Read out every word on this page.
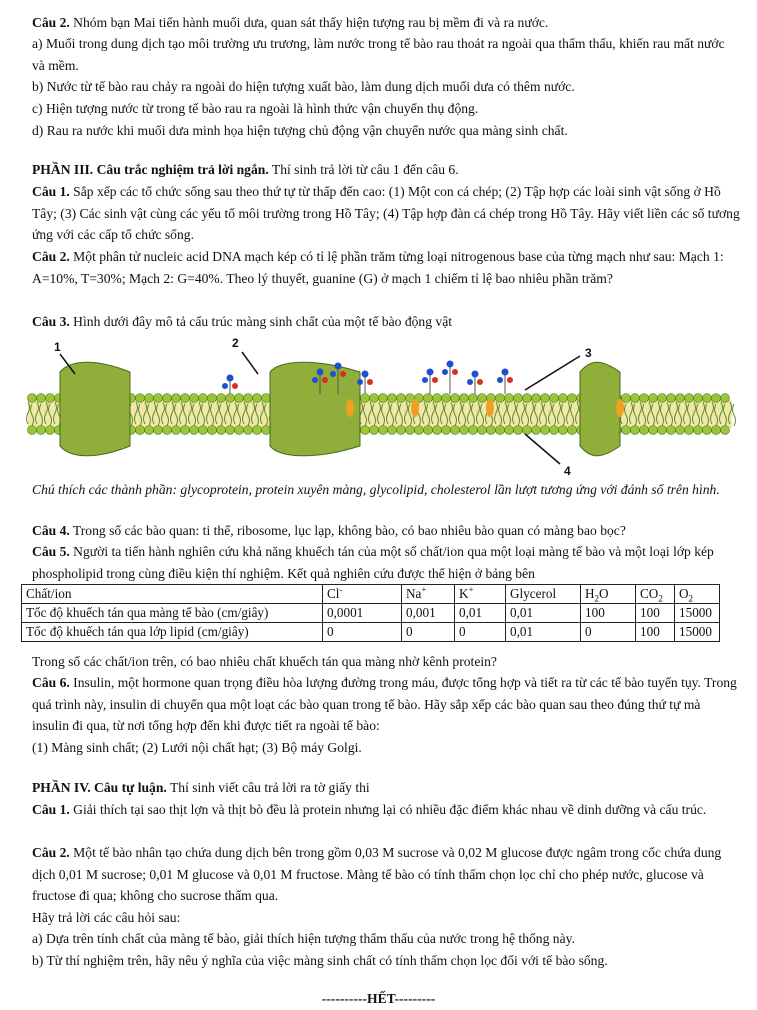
Câu 2. Nhóm bạn Mai tiến hành muối dưa, quan sát thấy hiện tượng rau bị mềm đi và ra nước.

a) Muối trong dung dịch tạo môi trường ưu trương, làm nước trong tế bào rau thoát ra ngoài qua thẩm thấu, khiến rau mất nước và mềm.

b) Nước từ tế bào rau chảy ra ngoài do hiện tượng xuất bào, làm dung dịch muối dưa có thêm nước.

c) Hiện tượng nước từ trong tế bào rau ra ngoài là hình thức vận chuyển thụ động.

d) Rau ra nước khi muối dưa minh họa hiện tượng chủ động vận chuyển nước qua màng sinh chất.

PHẦN III. Câu trắc nghiệm trả lời ngắn. Thí sinh trả lời từ câu 1 đến câu 6.

Câu 1. Sắp xếp các tổ chức sống sau theo thứ tự từ thấp đến cao: (1) Một con cá chép; (2) Tập hợp các loài sinh vật sống ở Hồ Tây; (3) Các sinh vật cùng các yếu tố môi trường trong Hồ Tây; (4) Tập hợp đàn cá chép trong Hồ Tây. Hãy viết liền các số tương ứng với các cấp tổ chức sống.

Câu 2. Một phân tử nucleic acid DNA mạch kép có tỉ lệ phần trăm từng loại nitrogenous base của từng mạch như sau: Mạch 1: A=10%, T=30%; Mạch 2: G=40%. Theo lý thuyết, guanine (G) ở mạch 1 chiếm tỉ lệ bao nhiêu phần trăm?

Câu 3. Hình dưới đây mô tả cấu trúc màng sinh chất của một tế bào động vật

1	2
3
4

Chú thích các thành phần: glycoprotein, protein xuyên màng, glycolipid, cholesterol lần lượt tương ứng với đánh số trên hình.

Câu 4. Trong số các bào quan: ti thể, ribosome, lục lạp, không bào, có bao nhiêu bào quan có màng bao bọc?

Câu 5. Người ta tiến hành nghiên cứu khả năng khuếch tán của một số chất/ion qua một loại màng tế bào và một loại lớp kép phospholipid trong cùng điều kiện thí nghiệm. Kết quả nghiên cứu được thể hiện ở bảng bên

Chất/ion	Cl-	Na+	K+	Glycerol	$H_2O$	$CO_2$	$O_2$
Tốc độ khuếch tán qua màng tế bào (cm/giây)	0,0001	0,001	0,01	0,01	100	100	15000
Tốc độ khuếch tán qua lớp lipid (cm/giây)	0	0	0	0,01	0	100	15000

Trong số các chất/ion trên, có bao nhiêu chất khuếch tán qua màng nhờ kênh protein?

Câu 6. Insulin, một hormone quan trọng điều hòa lượng đường trong máu, được tổng hợp và tiết ra từ các tế bào tuyến tụy. Trong quá trình này, insulin di chuyển qua một loạt các bào quan trong tế bào. Hãy sắp xếp các bào quan sau theo đúng thứ tự mà insulin đi qua, từ nơi tổng hợp đến khi được tiết ra ngoài tế bào:

(1) Màng sinh chất; (2) Lưới nội chất hạt; (3) Bộ máy Golgi.

PHẦN IV. Câu tự luận. Thí sinh viết câu trả lời ra tờ giấy thi

Câu 1. Giải thích tại sao thịt lợn và thịt bò đều là protein nhưng lại có nhiều đặc điểm khác nhau về dinh dưỡng và cấu trúc.

Câu 2. Một tế bào nhân tạo chứa dung dịch bên trong gồm 0,03 M sucrose và 0,02 M glucose được ngâm trong cốc chứa dung dịch 0,01 M sucrose; 0,01 M glucose và 0,01 M fructose. Màng tế bào có tính thấm chọn lọc chỉ cho phép nước, glucose và fructose đi qua; không cho sucrose thấm qua.

Hãy trả lời các câu hỏi sau:

a) Dựa trên tính chất của màng tế bào, giải thích hiện tượng thẩm thấu của nước trong hệ thống này.

b) Từ thí nghiệm trên, hãy nêu ý nghĩa của việc màng sinh chất có tính thấm chọn lọc đối với tế bào sống.

----------HẾT---------
